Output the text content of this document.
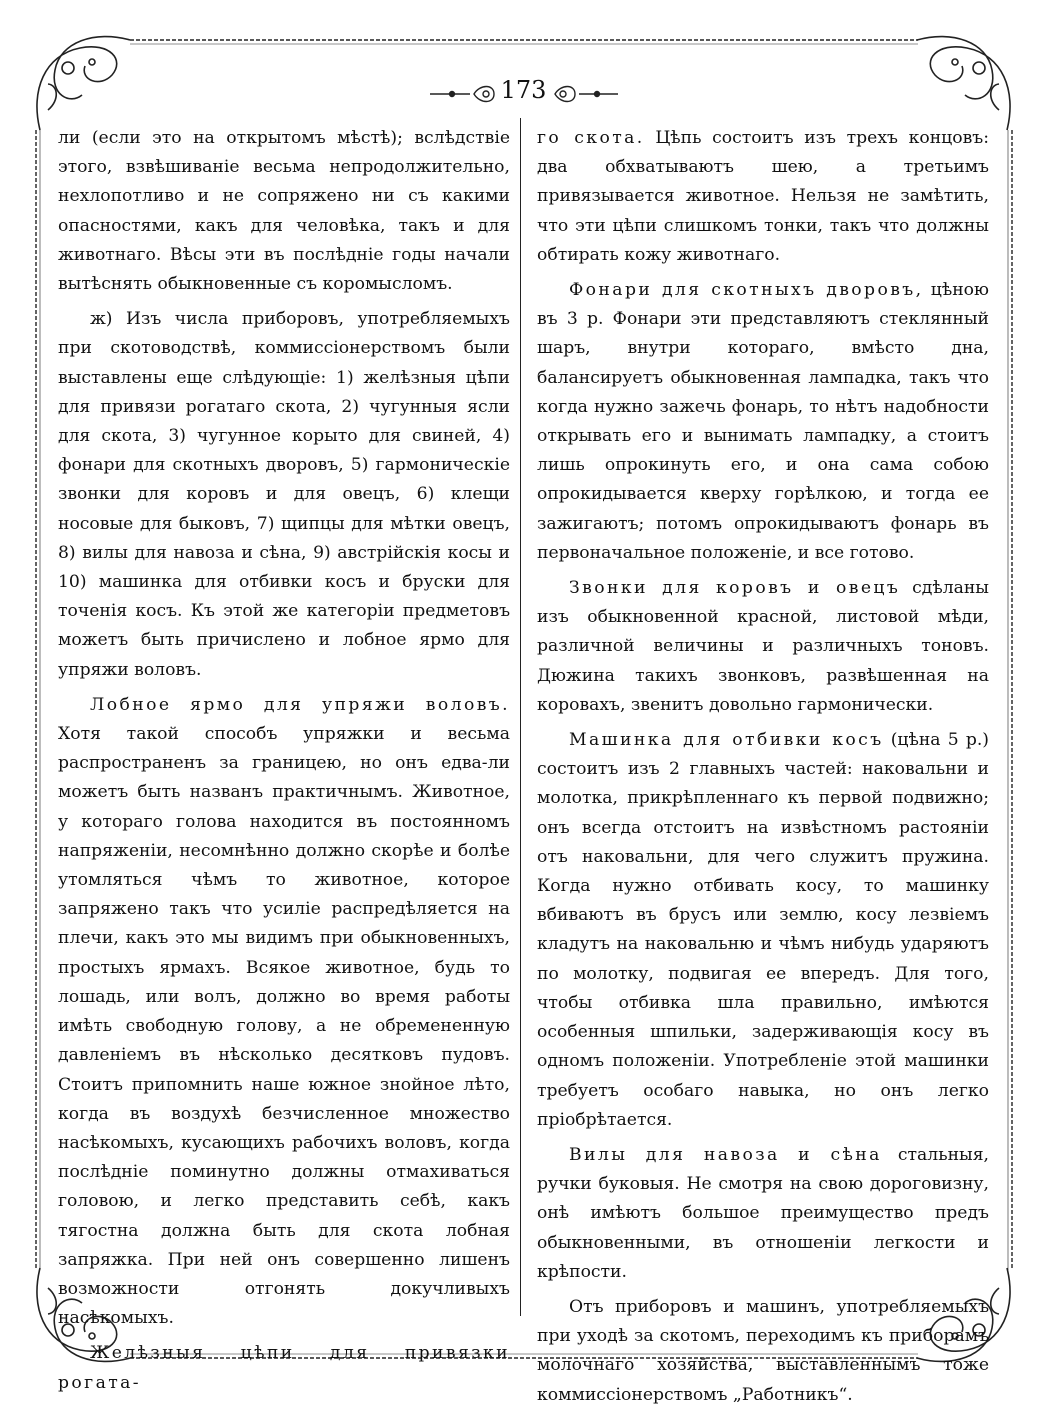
173

ли (если это на открытомъ мѣстѣ); вслѣдствіе этого, взвѣшиваніе весьма непродолжительно, нехлопотливо и не сопряжено ни съ какими опасностями, какъ для человѣка, такъ и для животнаго. Вѣсы эти въ послѣдніе годы начали вытѣснять обыкновенные съ коромысломъ.

ж) Изъ числа приборовъ, употребляемыхъ при скотоводствѣ, коммиссіонерствомъ были выставлены еще слѣдующіе: 1) желѣзныя цѣпи для привязи рогатаго скота, 2) чугунныя ясли для скота, 3) чугунное корыто для свиней, 4) фонари для скотныхъ дворовъ, 5) гармоническіе звонки для коровъ и для овецъ, 6) клещи носовые для быковъ, 7) щипцы для мѣтки овецъ, 8) вилы для навоза и сѣна, 9) австрійскія косы и 10) машинка для отбивки косъ и бруски для точенія косъ. Къ этой же категоріи предметовъ можетъ быть причислено и лобное ярмо для упряжи воловъ.

Лобное ярмо для упряжи воловъ. Хотя такой способъ упряжки и весьма распространенъ за границею, но онъ едва-ли можетъ быть названъ практичнымъ. Животное, у котораго голова находится въ постоянномъ напряженіи, несомнѣнно должно скорѣе и болѣе утомляться чѣмъ то животное, которое запряжено такъ что усиліе распредѣляется на плечи, какъ это мы видимъ при обыкновенныхъ, простыхъ ярмахъ. Всякое животное, будь то лошадь, или волъ, должно во время работы имѣть свободную голову, а не обремененную давленіемъ въ нѣсколько десятковъ пудовъ. Стоитъ припомнить наше южное знойное лѣто, когда въ воздухѣ безчисленное множество насѣкомыхъ, кусающихъ рабочихъ воловъ, когда послѣдніе поминутно должны отмахиваться головою, и легко представить себѣ, какъ тягостна должна быть для скота лобная запряжка. При ней онъ совершенно лишенъ возможности отгонять докучливыхъ насѣкомыхъ.

Желѣзныя цѣпи для привязки рогата-

го скота. Цѣпь состоитъ изъ трехъ концовъ: два обхватываютъ шею, а третьимъ привязывается животное. Нельзя не замѣтить, что эти цѣпи слишкомъ тонки, такъ что должны обтирать кожу животнаго.

Фонари для скотныхъ дворовъ, цѣною въ 3 р. Фонари эти представляютъ стеклянный шаръ, внутри котораго, вмѣсто дна, балансируетъ обыкновенная лампадка, такъ что когда нужно зажечь фонарь, то нѣтъ надобности открывать его и вынимать лампадку, а стоитъ лишь опрокинуть его, и она сама собою опрокидывается кверху горѣлкою, и тогда ее зажигаютъ; потомъ опрокидываютъ фонарь въ первоначальное положеніе, и все готово.

Звонки для коровъ и овецъ сдѣланы изъ обыкновенной красной, листовой мѣди, различной величины и различныхъ тоновъ. Дюжина такихъ звонковъ, развѣшенная на коровахъ, звенитъ довольно гармонически.

Машинка для отбивки косъ (цѣна 5 р.) состоитъ изъ 2 главныхъ частей: наковальни и молотка, прикрѣпленнаго къ первой подвижно; онъ всегда отстоитъ на извѣстномъ растояніи отъ наковальни, для чего служитъ пружина. Когда нужно отбивать косу, то машинку вбиваютъ въ брусъ или землю, косу лезвіемъ кладутъ на наковальню и чѣмъ нибудь ударяютъ по молотку, подвигая ее впередъ. Для того, чтобы отбивка шла правильно, имѣются особенныя шпильки, задерживающія косу въ одномъ положеніи. Употребленіе этой машинки требуетъ особаго навыка, но онъ легко пріобрѣтается.

Вилы для навоза и сѣна стальныя, ручки буковыя. Не смотря на свою дороговизну, онѣ имѣютъ большое преимущество предъ обыкновенными, въ отношеніи легкости и крѣпости.

Отъ приборовъ и машинъ, употребляемыхъ при уходѣ за скотомъ, переходимъ къ приборамъ молочнаго хозяйства, выставленнымъ тоже коммиссіонерствомъ „Работникъ“.
